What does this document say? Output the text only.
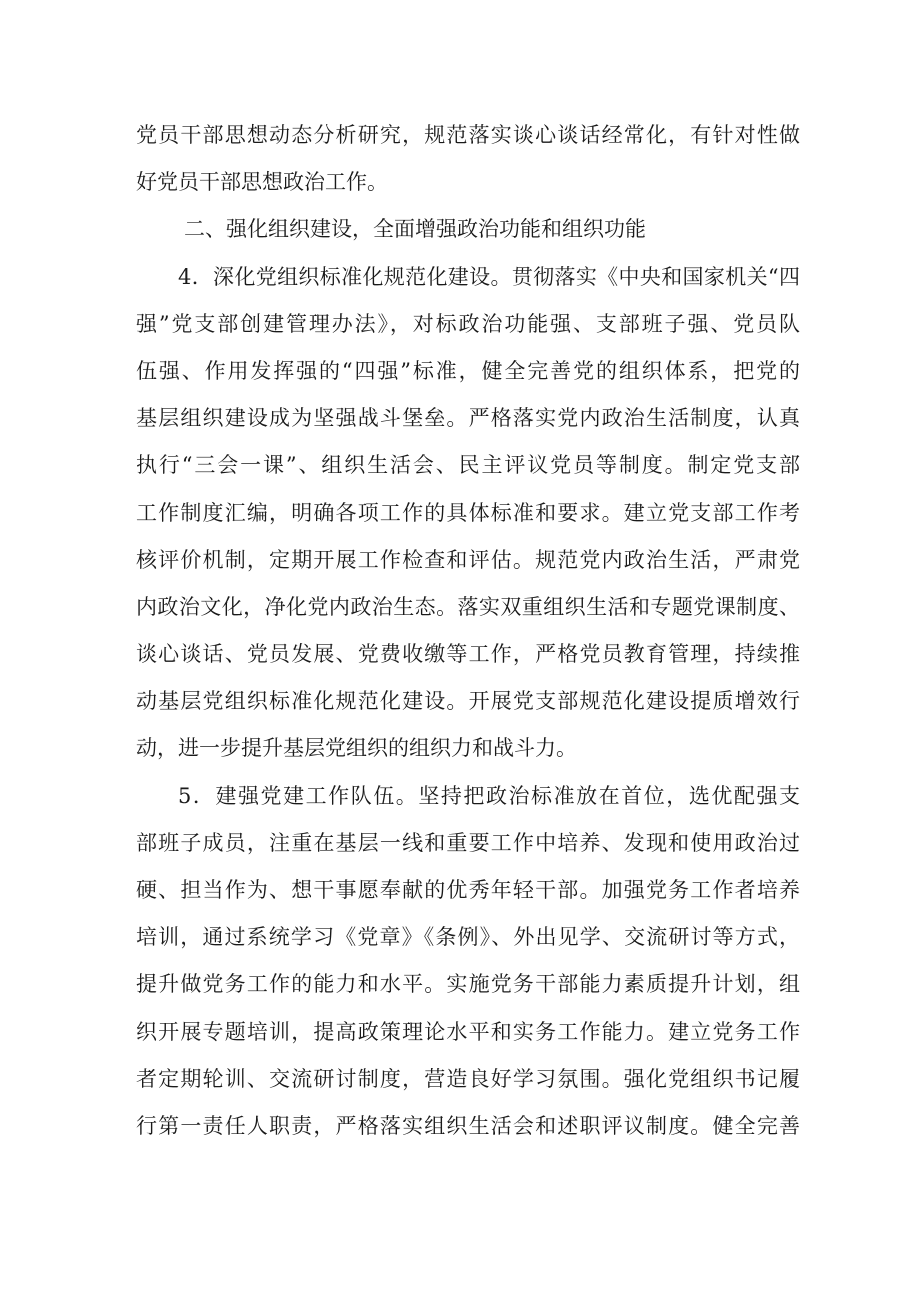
党员干部思想动态分析研究，规范落实谈心谈话经常化，有针对性做
好党员干部思想政治工作。
二、强化组织建设，全面增强政治功能和组织功能
4．深化党组织标准化规范化建设。贯彻落实《中央和国家机关“四
强”党支部创建管理办法》，对标政治功能强、支部班子强、党员队
伍强、作用发挥强的“四强”标准，健全完善党的组织体系，把党的
基层组织建设成为坚强战斗堡垒。严格落实党内政治生活制度，认真
执行“三会一课”、组织生活会、民主评议党员等制度。制定党支部
工作制度汇编，明确各项工作的具体标准和要求。建立党支部工作考
核评价机制，定期开展工作检查和评估。规范党内政治生活，严肃党
内政治文化，净化党内政治生态。落实双重组织生活和专题党课制度、
谈心谈话、党员发展、党费收缴等工作，严格党员教育管理，持续推
动基层党组织标准化规范化建设。开展党支部规范化建设提质增效行
动，进一步提升基层党组织的组织力和战斗力。
5．建强党建工作队伍。坚持把政治标准放在首位，选优配强支
部班子成员，注重在基层一线和重要工作中培养、发现和使用政治过
硬、担当作为、想干事愿奉献的优秀年轻干部。加强党务工作者培养
培训，通过系统学习《党章》《条例》、外出见学、交流研讨等方式，
提升做党务工作的能力和水平。实施党务干部能力素质提升计划，组
织开展专题培训，提高政策理论水平和实务工作能力。建立党务工作
者定期轮训、交流研讨制度，营造良好学习氛围。强化党组织书记履
行第一责任人职责，严格落实组织生活会和述职评议制度。健全完善
